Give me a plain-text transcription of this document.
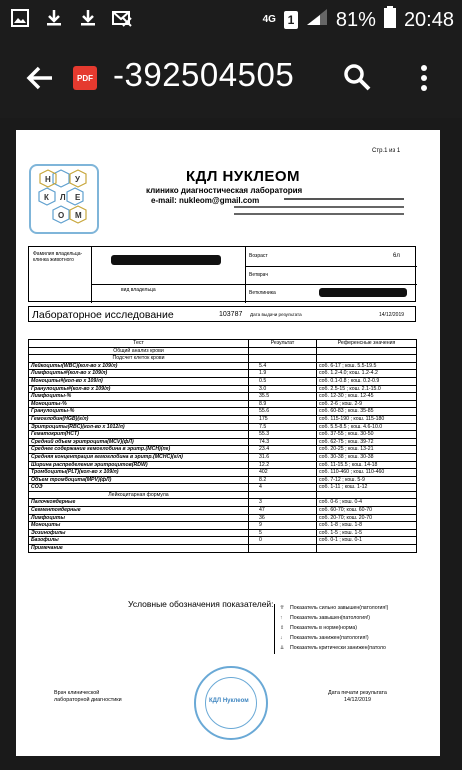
4G 1 81% 20:48
PDF -392504505
Стр.1 из 1
Н	У
К Л Е
О М
КДЛ НУКЛЕОМ
клинико диагностическая лаборатория
e-mail: nukleom@gmail.com
Фамилия владельца-клинка животного
вид владельца
Возраст	6л
Ветврач
Ветклиника
Лабораторное исследование	103787 Дата выдачи результата	14/12/2019
Тест	Результат	Референсные значения
Общий анализ крови		
Подсчет клеток крови		
Лейкоциты(WBC)(кол-во х 109/л)	5.4	соб. 6-17 ; кош. 5.5-19.5
Лимфоциты#(кол-во х 109/л)	1.9	соб. 1.2-4.0; кош. 1.2-4.2
Моноциты#(кол-во х 109/л)	0.5	соб. 0.1-0.8 ; кош. 0.2-0.9
Гранулоциты#(кол-во х 109/л)	3.0	соб. 2.5-15 ; кош. 2.1-15.0
Лимфоциты-%	35.5	соб. 12-30 ; кош. 12-45
Моноциты-%	8.9	соб. 2-6 ; кош. 2-9
Гранулоциты-%	55.6	соб. 60-83 ; кош. 35-85
Гемоглобин(HGB)(г/л)	175	соб. 115-190 ; кош. 115-180
Эритроциты(RBC)(кол-во х 1012/л)	7.5	соб. 5.5-8.5 ; кош. 4.6-10.0
Гематокрит(HCT)	55.3	соб. 37-55 ; кош. 30-50
Средний объем эритроцита(MCV)(фЛ)	74.3	соб. 62-75 ; кош. 39-72
Среднее содержание гемоглобина в эритр.(MCH)(пг)	23.4	соб. 20-25 ; кош. 13-21
Средняя концентрация гемоглобина в эритр.(MCHC)(г/л)	31.6	соб. 30-38 ; кош. 30-38
Ширина распределения эритроцитов(RDW)	12.2	соб. 11-15.5 ; кош. 14-18
Тромбоциты(PLT)(кол-во х 109/л)	402	соб. 110-460 ; кош. 110-460
Объем тромбоцита(MPV)(фЛ)	8.2	соб. 7-12 ; кош. 5-9
СОЭ	4	соб. 1-11 ; кош. 1-12
Лейкоцитарная формула		
Палочкоядерные	3	соб. 0-6 ; кош. 0-4
Сегментоядерные	47	соб. 60-70; кош. 60-70
Лимфоциты	36	соб. 20-70; кош. 20-70
Моноциты	9	соб. 1-8 ; кош. 1-8
Эозинофилы	5	соб. 1-5 ; кош. 1-5
Базофилы	0	соб. 0-1 ; кош. 0-1
Примечание		
Условные обозначения показателей: ⇈ Показатель сильно завышен(патология!)
↑ Показатель завышен(патология!)
⇕ Показатель в норме(норма)
↓ Показатель занижен(патология!)
⇊ Показатель критически занижен(патоло
Врач клинической
лабораторной диагностики	КДЛ Нуклеом
Дата печати результата
14/12/2019
